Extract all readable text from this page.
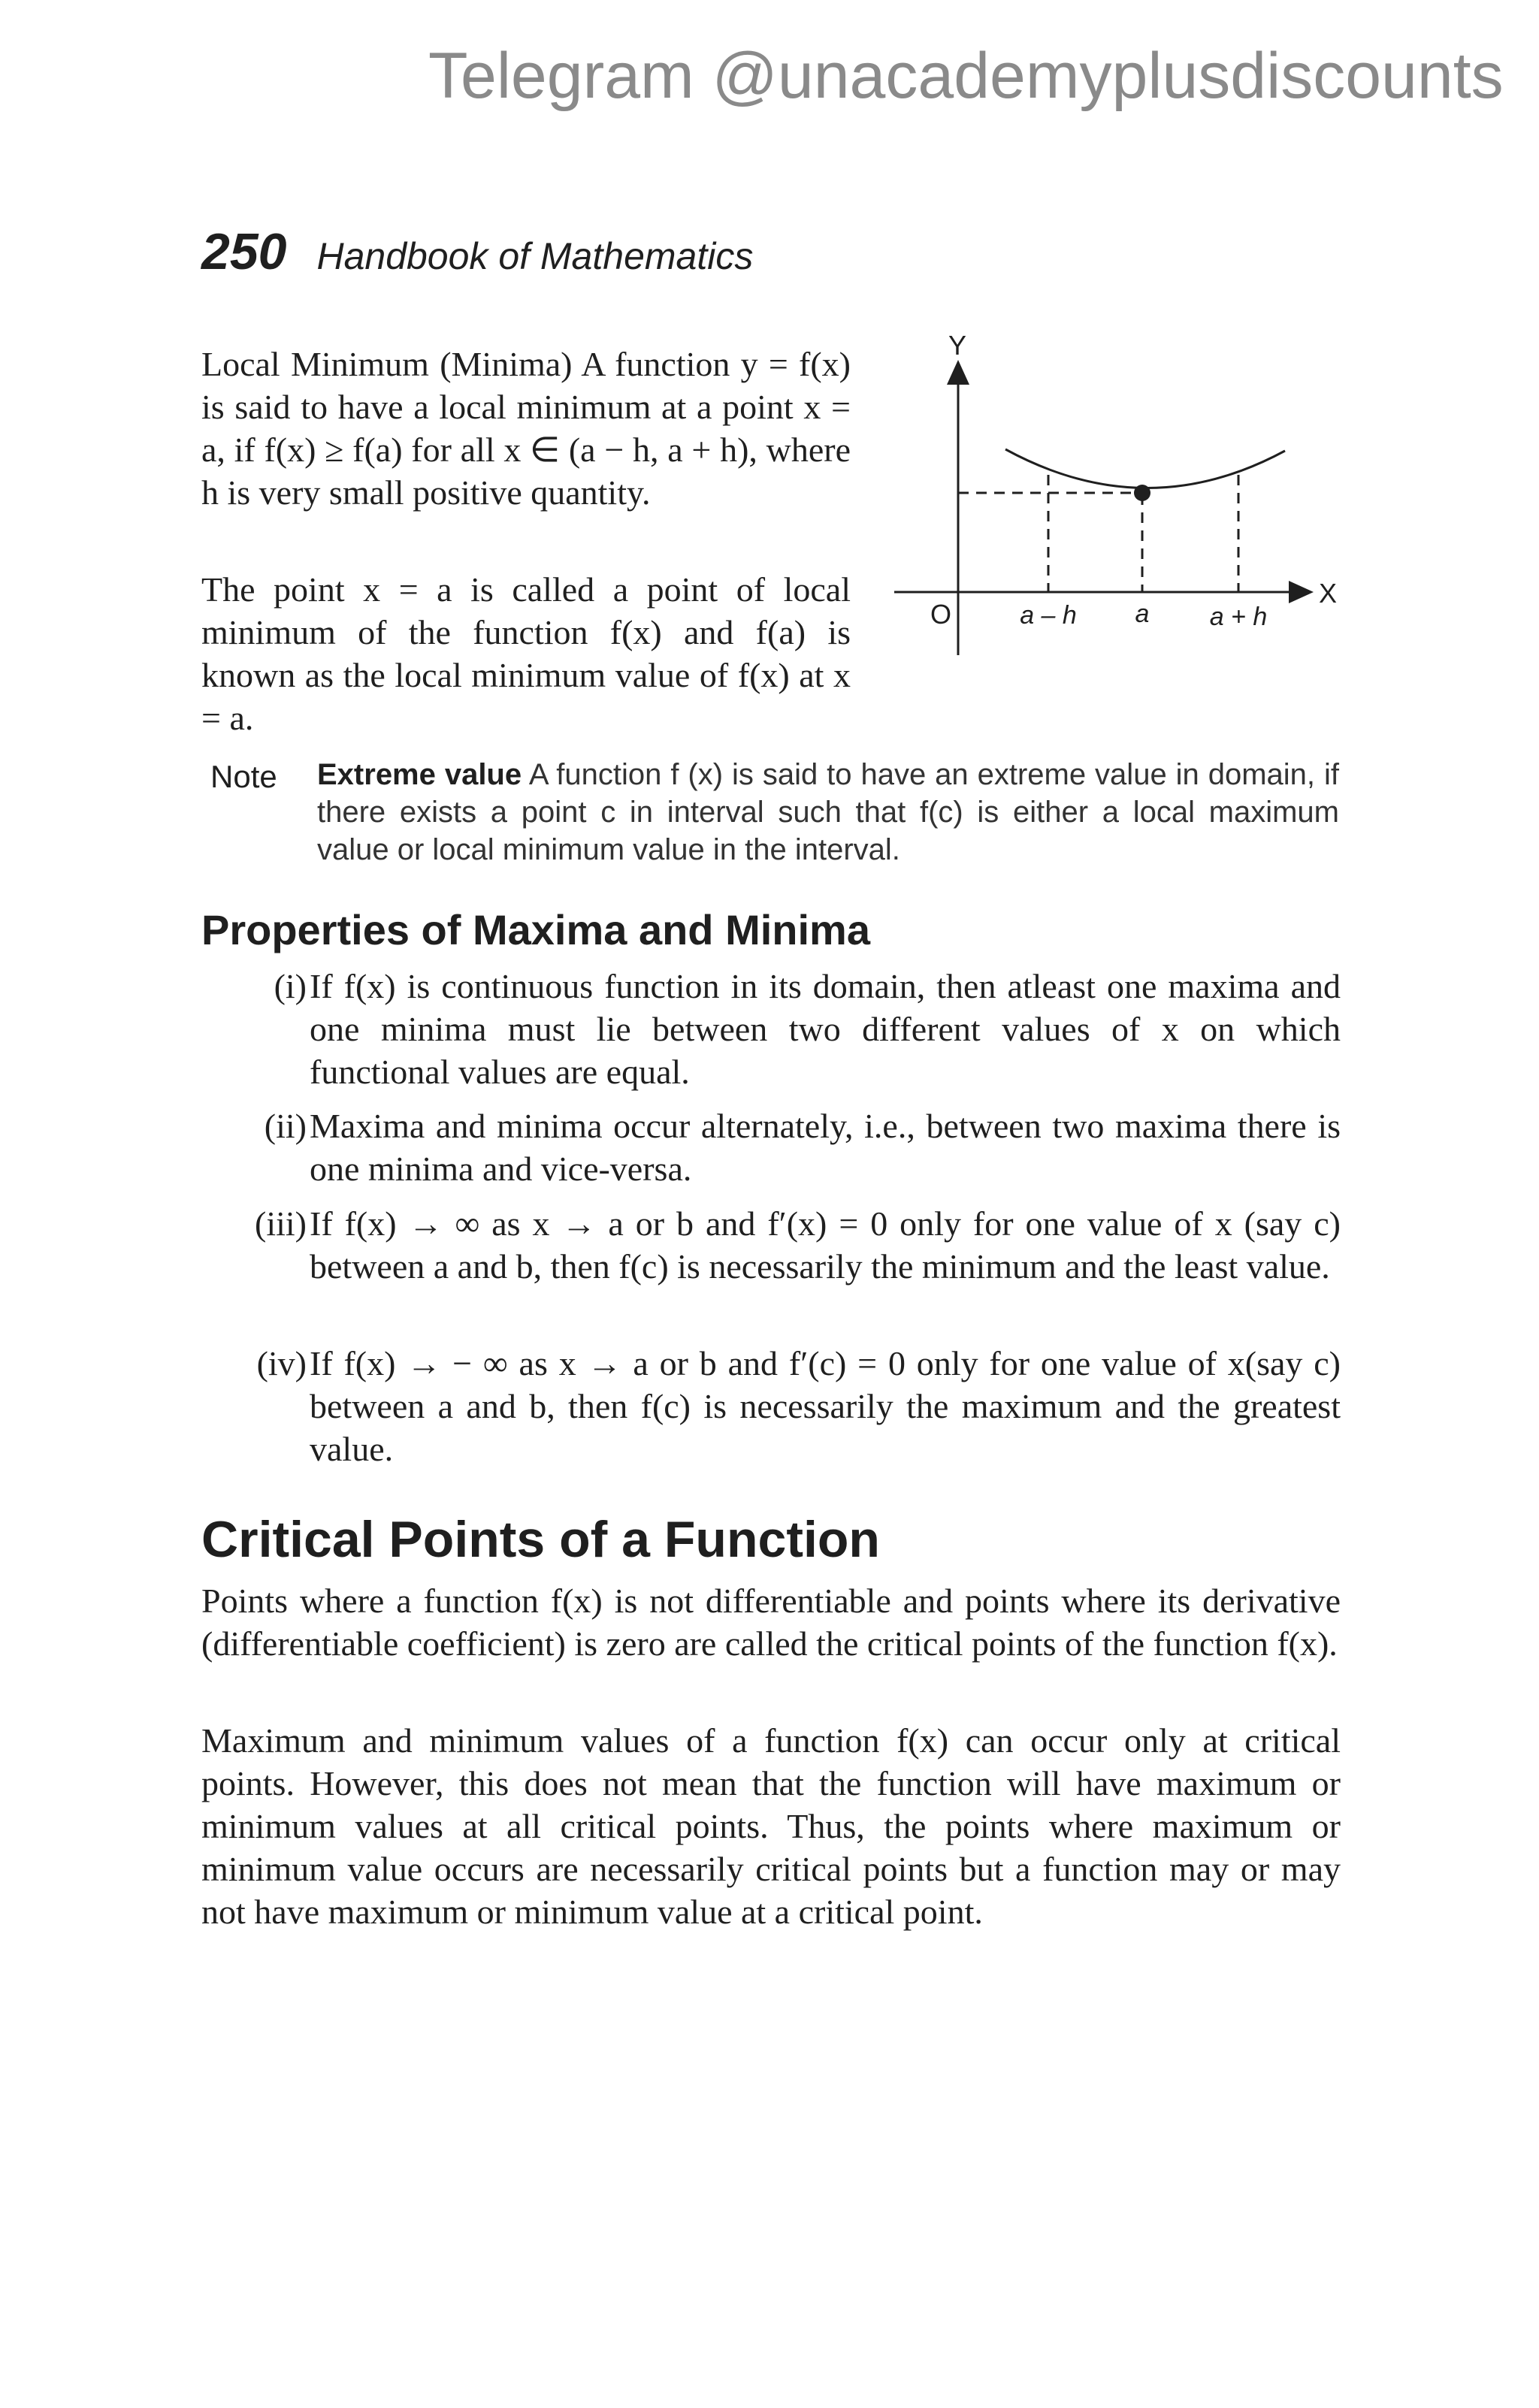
Telegram @unacademyplusdiscounts
250 Handbook of Mathematics

Local Minimum (Minima) A function y = f(x) is said to have a local minimum at a point x = a, if f(x) ≥ f(a) for all x ∈ (a − h, a + h), where h is very small positive quantity.

The point x = a is called a point of local minimum of the function f(x) and f(a) is known as the local minimum value of f(x) at x = a.

Y
X
O	a – h a a + h
Note Extreme value A function f (x) is said to have an extreme value in domain, if there exists a point c in interval such that f(c) is either a local maximum value or local minimum value in the interval.
Properties of Maxima and Minima
(i) If f(x) is continuous function in its domain, then atleast one maxima and one minima must lie between two different values of x on which functional values are equal.
(ii) Maxima and minima occur alternately, i.e., between two maxima there is one minima and vice-versa.
(iii) If f(x) → ∞ as x → a or b and f′(x) = 0 only for one value of x (say c) between a and b, then f(c) is necessarily the minimum and the least value.
(iv) If f(x) → − ∞ as x → a or b and f′(c) = 0 only for one value of x(say c) between a and b, then f(c) is necessarily the maximum and the greatest value.
Critical Points of a Function

Points where a function f(x) is not differentiable and points where its derivative (differentiable coefficient) is zero are called the critical points of the function f(x).

Maximum and minimum values of a function f(x) can occur only at critical points. However, this does not mean that the function will have maximum or minimum values at all critical points. Thus, the points where maximum or minimum value occurs are necessarily critical points but a function may or may not have maximum or minimum value at a critical point.
